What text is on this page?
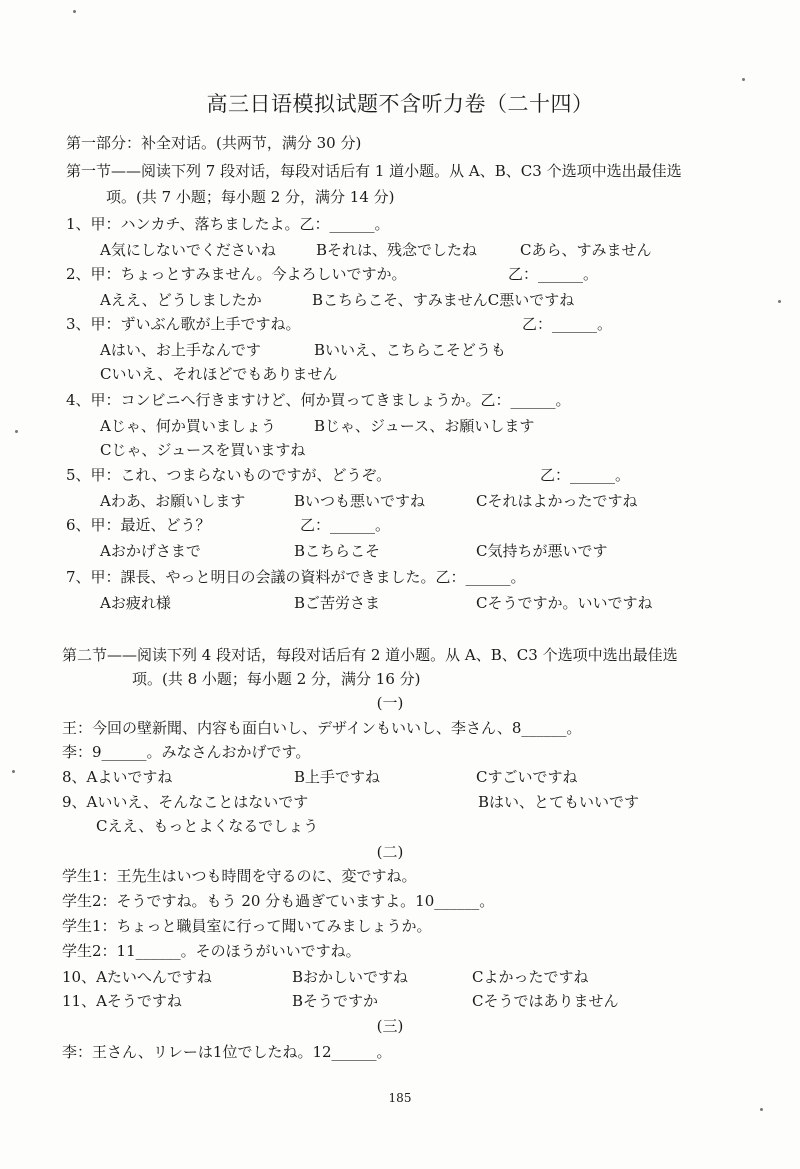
高三日语模拟试题不含听力卷（二十四）
第一部分：补全对话。(共两节，满分 30 分)
第一节——阅读下列 7 段对话，每段对话后有 1 道小题。从 A、B、C3 个选项中选出最佳选
项。(共 7 小题；每小题 2 分，满分 14 分)
1、甲：ハンカチ、落ちましたよ。乙：______。
A気にしないでくださいね	Bそれは、残念でしたね	Cあら、すみません
2、甲：ちょっとすみません。今よろしいですか。	乙：______。
Aええ、どうしましたか	Bこちらこそ、すみませんC悪いですね
3、甲：ずいぶん歌が上手ですね。	乙：______。
Aはい、お上手なんです	Bいいえ、こちらこそどうも
Cいいえ、それほどでもありません
4、甲：コンビニへ行きますけど、何か買ってきましょうか。乙：______。
Aじゃ、何か買いましょう	Bじゃ、ジュース、お願いします
Cじゃ、ジュースを買いますね
5、甲：これ、つまらないものですが、どうぞ。	乙：______。
Aわあ、お願いします	Bいつも悪いですね	Cそれはよかったですね
6、甲：最近、どう？	乙：______。
Aおかげさまで	Bこちらこそ	C気持ちが悪いです
7、甲：課長、やっと明日の会議の資料ができました。乙：______。
Aお疲れ様	Bご苦労さま	Cそうですか。いいですね
第二节——阅读下列 4 段对话，每段对话后有 2 道小题。从 A、B、C3 个选项中选出最佳选
项。(共 8 小题；每小题 2 分，满分 16 分)
(一)
王：今回の壁新聞、内容も面白いし、デザインもいいし、李さん、8______。
李：9______。みなさんおかげです。
8、Aよいですね	B上手ですね	Cすごいですね
9、Aいいえ、そんなことはないです	Bはい、とてもいいです
Cええ、もっとよくなるでしょう
(二)
学生1：王先生はいつも時間を守るのに、変ですね。
学生2：そうですね。もう 20 分も過ぎていますよ。10______。
学生1：ちょっと職員室に行って聞いてみましょうか。
学生2：11______。そのほうがいいですね。
10、Aたいへんですね	Bおかしいですね	Cよかったですね
11、Aそうですね	Bそうですか	Cそうではありません
(三)
李：王さん、リレーは1位でしたね。12______。
185
